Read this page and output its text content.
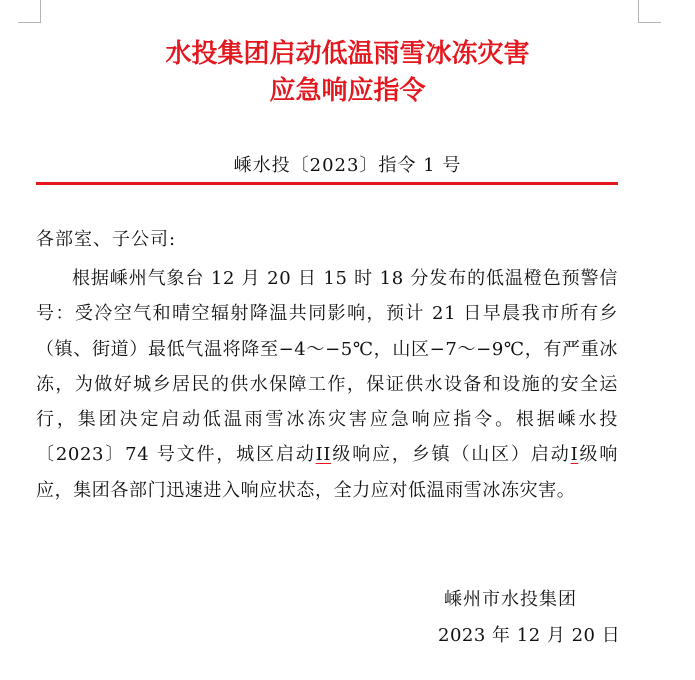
水投集团启动低温雨雪冰冻灾害
应急响应指令
嵊水投〔2023〕指令 1 号
各部室、子公司:

根据嵊州气象台 12 月 20 日 15 时 18 分发布的低温橙色预警信号：受冷空气和晴空辐射降温共同影响，预计 21 日早晨我市所有乡（镇、街道）最低气温将降至−4～−5℃，山区−7～−9℃，有严重冰冻，为做好城乡居民的供水保障工作，保证供水设备和设施的安全运行，集团决定启动低温雨雪冰冻灾害应急响应指令。根据嵊水投〔2023〕74 号文件，城区启动II级响应，乡镇（山区）启动I级响应，集团各部门迅速进入响应状态，全力应对低温雨雪冰冻灾害。

嵊州市水投集团
2023 年 12 月 20 日
